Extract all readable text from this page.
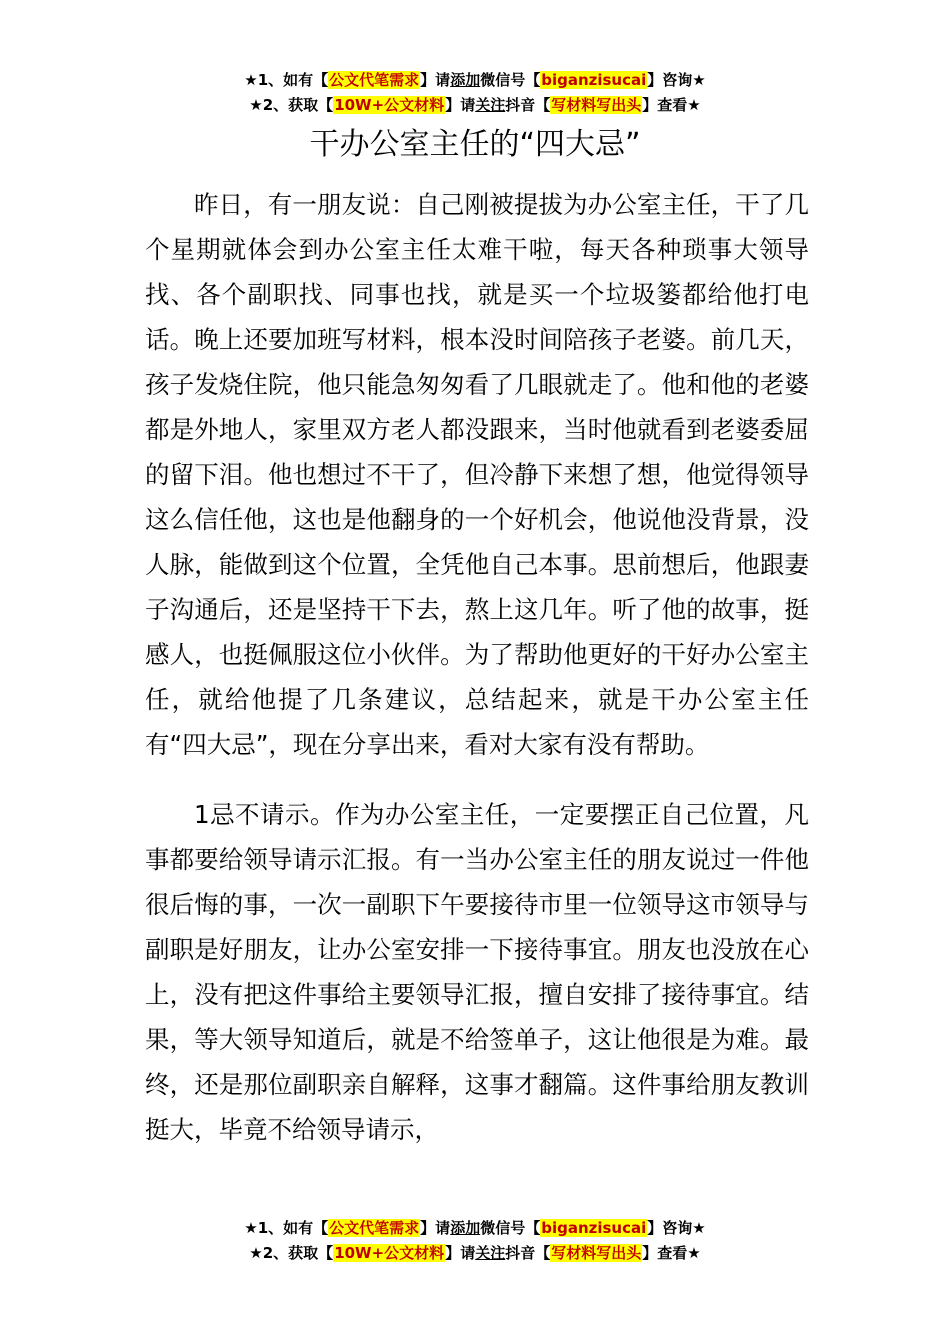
★1、如有【公文代笔需求】请添加微信号【biganzisucai】咨询★
★2、获取【10W+公文材料】请关注抖音【写材料写出头】查看★
干办公室主任的“四大忌”

昨日，有一朋友说：自己刚被提拔为办公室主任，干了几个星期就体会到办公室主任太难干啦，每天各种琐事大领导找、各个副职找、同事也找，就是买一个垃圾篓都给他打电话。晚上还要加班写材料，根本没时间陪孩子老婆。前几天，孩子发烧住院，他只能急匆匆看了几眼就走了。他和他的老婆都是外地人，家里双方老人都没跟来，当时他就看到老婆委屈的留下泪。他也想过不干了，但冷静下来想了想，他觉得领导这么信任他，这也是他翻身的一个好机会，他说他没背景，没人脉，能做到这个位置，全凭他自己本事。思前想后，他跟妻子沟通后，还是坚持干下去，熬上这几年。听了他的故事，挺感人，也挺佩服这位小伙伴。为了帮助他更好的干好办公室主任，就给他提了几条建议，总结起来，就是干办公室主任有“四大忌”，现在分享出来，看对大家有没有帮助。

1忌不请示。作为办公室主任，一定要摆正自己位置，凡事都要给领导请示汇报。有一当办公室主任的朋友说过一件他很后悔的事，一次一副职下午要接待市里一位领导这市领导与副职是好朋友，让办公室安排一下接待事宜。朋友也没放在心上，没有把这件事给主要领导汇报，擅自安排了接待事宜。结果，等大领导知道后，就是不给签单子，这让他很是为难。最终，还是那位副职亲自解释，这事才翻篇。这件事给朋友教训挺大，毕竟不给领导请示，

★1、如有【公文代笔需求】请添加微信号【biganzisucai】咨询★
★2、获取【10W+公文材料】请关注抖音【写材料写出头】查看★
